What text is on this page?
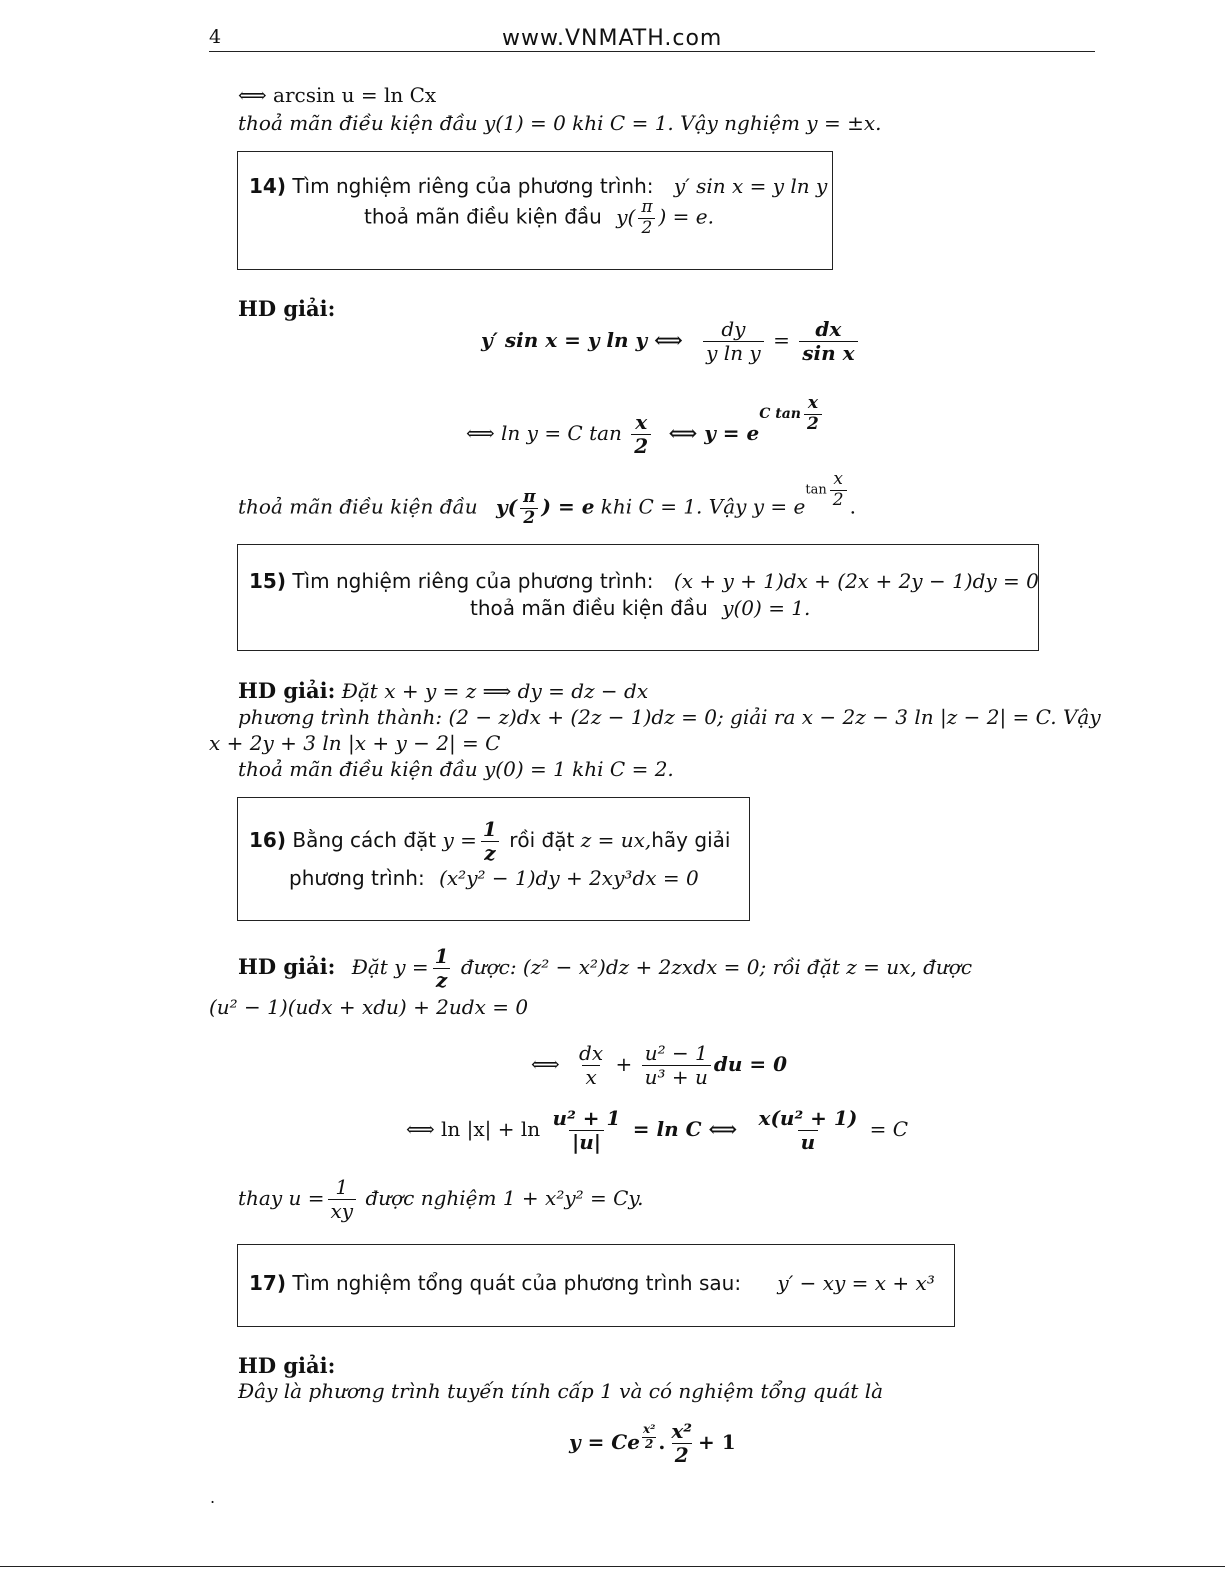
4	www.VNMATH.com
⟺ arcsin u = ln Cx
thoả mãn điều kiện đầu y(1) = 0 khi C = 1. Vậy nghiệm y = ±x.
14) Tìm nghiệm riêng của phương trình: y′ sin x = y ln y
thoả mãn điều kiện đầu $y( \frac{\pi}{2}$ ) = e.
HD giải:
y′ sin x = y ln y ⟺ $\frac{dy}{\text{y ln y}} = \frac{dx}{\text{sin x}}$
⟺ ln y = C $\tan \frac{x}{2}$ ⟺ y = eC $\tan \frac{x}{2}$
thoả mãn điều kiện đầu $y( \frac{\pi}{2}$ ) = e khi C = 1. Vậy y = etan $\frac{x}{2}$ .
15) Tìm nghiệm riêng của phương trình: (x + y + 1)dx + (2x + 2y − 1)dy = 0
thoả mãn điều kiện đầu y(0) = 1.
HD giải: Đặt x + y = z ⟹ dy = dz − dx
phương trình thành: (2 − z)dx + (2z − 1)dz = 0; giải ra x − 2z − 3 ln |z − 2| = C. Vậy
x + 2y + 3 ln |x + y − 2| = C
thoả mãn điều kiện đầu y(0) = 1 khi C = 2.
16) Bằng cách đặt $y = \frac{1}{z}$ rồi đặt z = ux,hãy giải
phương trình: (x²y² − 1)dy + 2xy³dx = 0
HD giải: Đặt $y = \frac{1}{z}$ được: (z² − x²)dz + 2zxdx = 0; rồi đặt z = ux, được
(u² − 1)(udx + xdu) + 2udx = 0
⟺ $\frac{dx}{x} + \frac{\text{u² − 1}}{\text{u³ + u}}$ du = 0
⟺ $\ln |x| + \ln \frac{\text{u² + 1}}{|u|} = \ln C$ ⟺ $\frac{\text{x(u² + 1)}}{u} = C$
thay $u = \frac{1}{xy}$ được nghiệm 1 + x²y² = Cy.
17) Tìm nghiệm tổng quát của phương trình sau: y′ − xy = x + x³
HD giải:
Đây là phương trình tuyến tính cấp 1 và có nghiệm tổng quát là
y = Ce $\frac{\text{x²}}{2}$ . $\frac{\text{x²}}{2} + 1$
.
